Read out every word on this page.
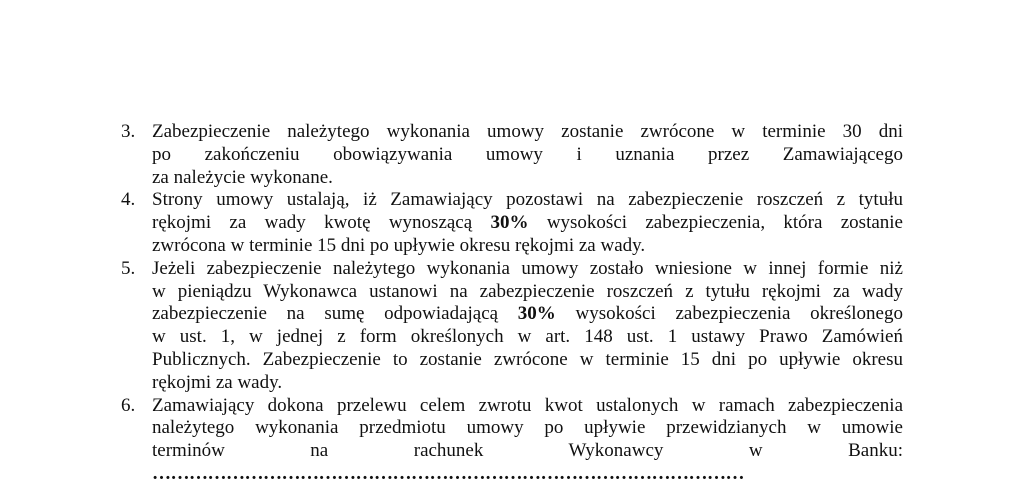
3. Zabezpieczenie należytego wykonania umowy zostanie zwrócone w terminie 30 dni
po zakończeniu obowiązywania umowy i uznania przez Zamawiającego
za należycie wykonane.
4. Strony umowy ustalają, iż Zamawiający pozostawi na zabezpieczenie roszczeń z tytułu
rękojmi za wady kwotę wynoszącą 30% wysokości zabezpieczenia, która zostanie
zwrócona w terminie 15 dni po upływie okresu rękojmi za wady.
5. Jeżeli zabezpieczenie należytego wykonania umowy zostało wniesione w innej formie niż
w pieniądzu Wykonawca ustanowi na zabezpieczenie roszczeń z tytułu rękojmi za wady
zabezpieczenie na sumę odpowiadającą 30% wysokości zabezpieczenia określonego
w ust. 1, w jednej z form określonych w art. 148 ust. 1 ustawy Prawo Zamówień
Publicznych. Zabezpieczenie to zostanie zwrócone w terminie 15 dni po upływie okresu
rękojmi za wady.
6. Zamawiający dokona przelewu celem zwrotu kwot ustalonych w ramach zabezpieczenia
należytego wykonania przedmiotu umowy po upływie przewidzianych w umowie
terminów na rachunek Wykonawcy w Banku:
……………………………………………………………………………………
